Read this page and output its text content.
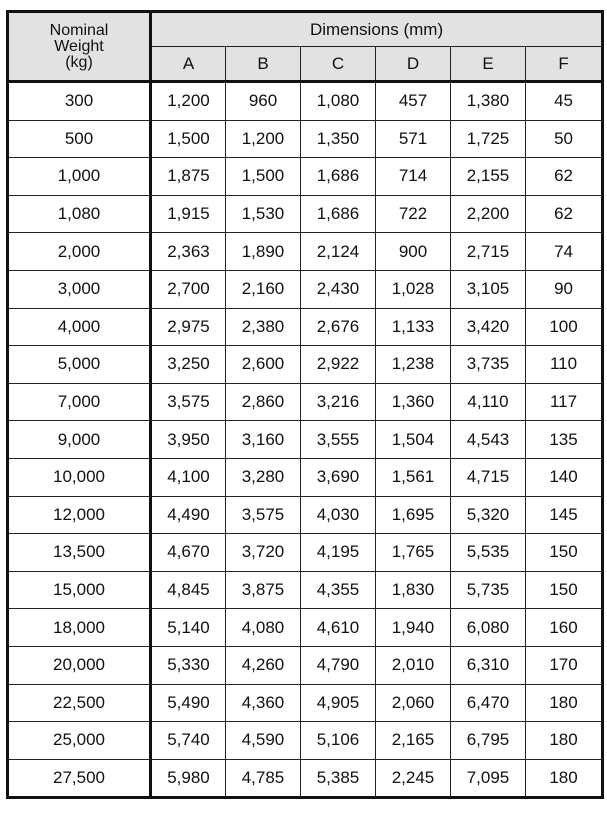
Nominal
Weight
(kg)	Dimensions (mm)					
	A	B	C	D	E	F
300	1,200	960	1,080	457	1,380	45
500	1,500	1,200	1,350	571	1,725	50
1,000	1,875	1,500	1,686	714	2,155	62
1,080	1,915	1,530	1,686	722	2,200	62
2,000	2,363	1,890	2,124	900	2,715	74
3,000	2,700	2,160	2,430	1,028	3,105	90
4,000	2,975	2,380	2,676	1,133	3,420	100
5,000	3,250	2,600	2,922	1,238	3,735	110
7,000	3,575	2,860	3,216	1,360	4,110	117
9,000	3,950	3,160	3,555	1,504	4,543	135
10,000	4,100	3,280	3,690	1,561	4,715	140
12,000	4,490	3,575	4,030	1,695	5,320	145
13,500	4,670	3,720	4,195	1,765	5,535	150
15,000	4,845	3,875	4,355	1,830	5,735	150
18,000	5,140	4,080	4,610	1,940	6,080	160
20,000	5,330	4,260	4,790	2,010	6,310	170
22,500	5,490	4,360	4,905	2,060	6,470	180
25,000	5,740	4,590	5,106	2,165	6,795	180
27,500	5,980	4,785	5,385	2,245	7,095	180
